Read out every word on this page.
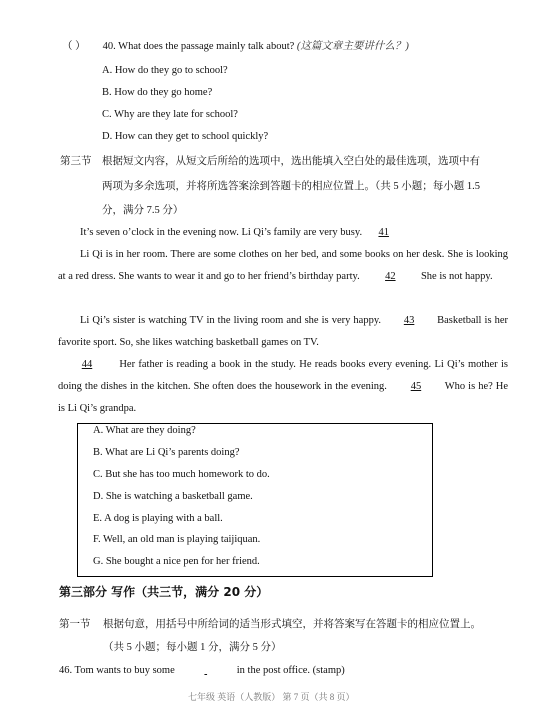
（ ） 40. What does the passage mainly talk about? (这篇文章主要讲什么？)
A. How do they go to school?
B. How do they go home?
C. Why are they late for school?
D. How can they get to school quickly?
第三节 根据短文内容，从短文后所给的选项中，选出能填入空白处的最佳选项，选项中有
两项为多余选项，并将所选答案涂到答题卡的相应位置上。（共 5 小题；每小题 1.5
分，满分 7.5 分）
It’s seven o’clock in the evening now. Li Qi’s family are very busy. 41
Li Qi is in her room. There are some clothes on her bed, and some books on her desk. She is looking at a red dress. She wants to wear it and go to her friend’s birthday party. 42 She is not happy.
Li Qi’s sister is watching TV in the living room and she is very happy. 43 Basketball is her favorite sport. So, she likes watching basketball games on TV.
44	Her father is reading a book in the study. He reads books every evening. Li Qi’s mother is doing the dishes in the kitchen. She often does the housework in the evening. 45 Who is he? He is Li Qi’s grandpa.
A. What are they doing?
B. What are Li Qi’s parents doing?
C. But she has too much homework to do.
D. She is watching a basketball game.
E. A dog is playing with a ball.
F. Well, an old man is playing taijiquan.
G. She bought a nice pen for her friend.
第三部分 写作（共三节，满分 20 分）
第一节 根据句意，用括号中所给词的适当形式填空，并将答案写在答题卡的相应位置上。
（共 5 小题；每小题 1 分，满分 5 分）
46. Tom wants to buy some	in the post office. (stamp)
七年级 英语（人教版） 第 7 页（共 8 页）
